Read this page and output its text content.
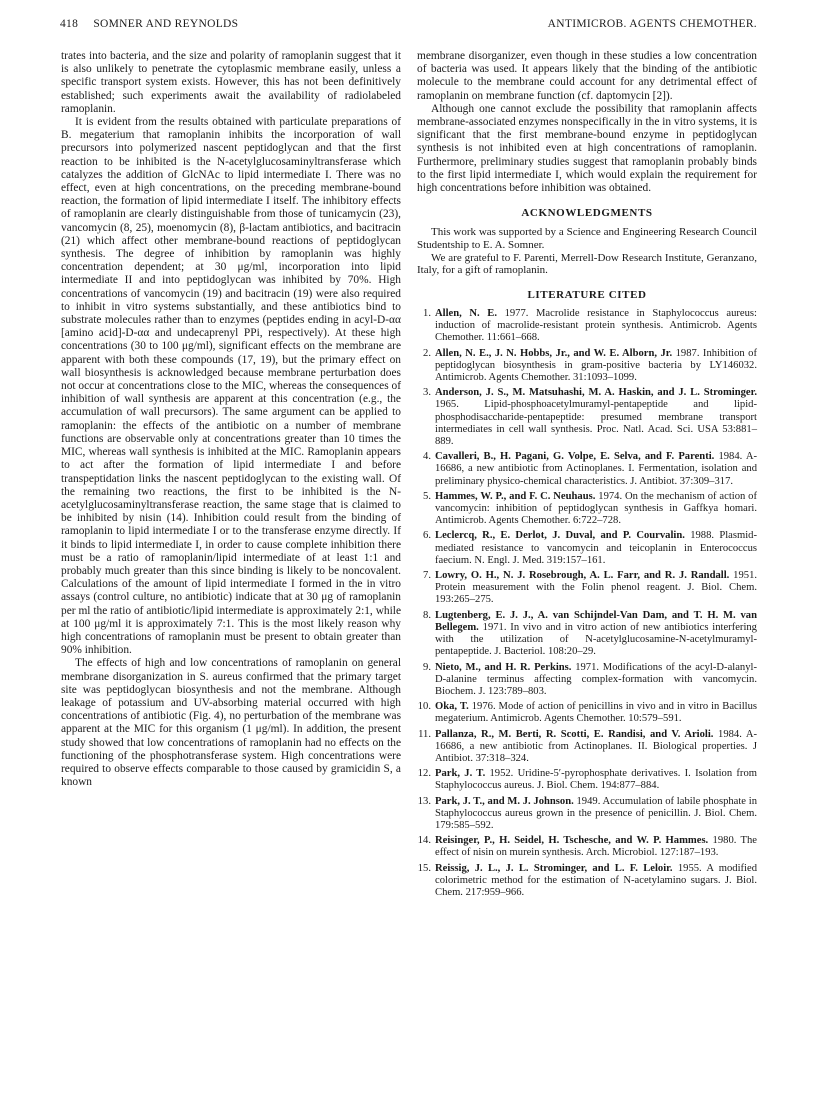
418 SOMNER AND REYNOLDS	ANTIMICROB. AGENTS CHEMOTHER.

trates into bacteria, and the size and polarity of ramoplanin suggest that it is also unlikely to penetrate the cytoplasmic membrane easily, unless a specific transport system exists. However, this has not been definitively established; such experiments await the availability of radiolabeled ramoplanin.

It is evident from the results obtained with particulate preparations of B. megaterium that ramoplanin inhibits the incorporation of wall precursors into polymerized nascent peptidoglycan and that the first reaction to be inhibited is the N-acetylglucosaminyltransferase which catalyzes the addition of GlcNAc to lipid intermediate I. There was no effect, even at high concentrations, on the preceding membrane-bound reaction, the formation of lipid intermediate I itself. The inhibitory effects of ramoplanin are clearly distinguishable from those of tunicamycin (23), vancomycin (8, 25), moenomycin (8), β-lactam antibiotics, and bacitracin (21) which affect other membrane-bound reactions of peptidoglycan synthesis. The degree of inhibition by ramoplanin was highly concentration dependent; at 30 μg/ml, incorporation into lipid intermediate II and into peptidoglycan was inhibited by 70%. High concentrations of vancomycin (19) and bacitracin (19) were also required to inhibit in vitro systems substantially, and these antibiotics bind to substrate molecules rather than to enzymes (peptides ending in acyl-D-αα [amino acid]-D-αα and undecaprenyl PPi, respectively). At these high concentrations (30 to 100 μg/ml), significant effects on the membrane are apparent with both these compounds (17, 19), but the primary effect on wall biosynthesis is acknowledged because membrane perturbation does not occur at concentrations close to the MIC, whereas the consequences of inhibition of wall synthesis are apparent at this concentration (e.g., the accumulation of wall precursors). The same argument can be applied to ramoplanin: the effects of the antibiotic on a number of membrane functions are observable only at concentrations greater than 10 times the MIC, whereas wall synthesis is inhibited at the MIC. Ramoplanin appears to act after the formation of lipid intermediate I and before transpeptidation links the nascent peptidoglycan to the existing wall. Of the remaining two reactions, the first to be inhibited is the N-acetylglucosaminyltransferase reaction, the same stage that is claimed to be inhibited by nisin (14). Inhibition could result from the binding of ramoplanin to lipid intermediate I or to the transferase enzyme directly. If it binds to lipid intermediate I, in order to cause complete inhibition there must be a ratio of ramoplanin/lipid intermediate of at least 1:1 and probably much greater than this since binding is likely to be noncovalent. Calculations of the amount of lipid intermediate I formed in the in vitro assays (control culture, no antibiotic) indicate that at 30 μg of ramoplanin per ml the ratio of antibiotic/lipid intermediate is approximately 2:1, while at 100 μg/ml it is approximately 7:1. This is the most likely reason why high concentrations of ramoplanin must be present to obtain greater than 90% inhibition.

The effects of high and low concentrations of ramoplanin on general membrane disorganization in S. aureus confirmed that the primary target site was peptidoglycan biosynthesis and not the membrane. Although leakage of potassium and UV-absorbing material occurred with high concentrations of antibiotic (Fig. 4), no perturbation of the membrane was apparent at the MIC for this organism (1 μg/ml). In addition, the present study showed that low concentrations of ramoplanin had no effects on the functioning of the phosphotransferase system. High concentrations were required to observe effects comparable to those caused by gramicidin S, a known

membrane disorganizer, even though in these studies a low concentration of bacteria was used. It appears likely that the binding of the antibiotic molecule to the membrane could account for any detrimental effect of ramoplanin on membrane function (cf. daptomycin [2]).

Although one cannot exclude the possibility that ramoplanin affects membrane-associated enzymes nonspecifically in the in vitro systems, it is significant that the first membrane-bound enzyme in peptidoglycan synthesis is not inhibited even at high concentrations of ramoplanin. Furthermore, preliminary studies suggest that ramoplanin probably binds to the first lipid intermediate I, which would explain the requirement for high concentrations before inhibition was obtained.

ACKNOWLEDGMENTS

This work was supported by a Science and Engineering Research Council Studentship to E. A. Somner.

We are grateful to F. Parenti, Merrell-Dow Research Institute, Geranzano, Italy, for a gift of ramoplanin.

LITERATURE CITED
1. Allen, N. E. 1977. Macrolide resistance in Staphylococcus aureus: induction of macrolide-resistant protein synthesis. Antimicrob. Agents Chemother. 11:661–668.
2. Allen, N. E., J. N. Hobbs, Jr., and W. E. Alborn, Jr. 1987. Inhibition of peptidoglycan biosynthesis in gram-positive bacteria by LY146032. Antimicrob. Agents Chemother. 31:1093–1099.
3. Anderson, J. S., M. Matsuhashi, M. A. Haskin, and J. L. Strominger. 1965. Lipid-phosphoacetylmuramyl-pentapeptide and lipid-phosphodisaccharide-pentapeptide: presumed membrane transport intermediates in cell wall synthesis. Proc. Natl. Acad. Sci. USA 53:881–889.
4. Cavalleri, B., H. Pagani, G. Volpe, E. Selva, and F. Parenti. 1984. A-16686, a new antibiotic from Actinoplanes. I. Fermentation, isolation and preliminary physico-chemical characteristics. J. Antibiot. 37:309–317.
5. Hammes, W. P., and F. C. Neuhaus. 1974. On the mechanism of action of vancomycin: inhibition of peptidoglycan synthesis in Gaffkya homari. Antimicrob. Agents Chemother. 6:722–728.
6. Leclercq, R., E. Derlot, J. Duval, and P. Courvalin. 1988. Plasmid-mediated resistance to vancomycin and teicoplanin in Enterococcus faecium. N. Engl. J. Med. 319:157–161.
7. Lowry, O. H., N. J. Rosebrough, A. L. Farr, and R. J. Randall. 1951. Protein measurement with the Folin phenol reagent. J. Biol. Chem. 193:265–275.
8. Lugtenberg, E. J. J., A. van Schijndel-Van Dam, and T. H. M. van Bellegem. 1971. In vivo and in vitro action of new antibiotics interfering with the utilization of N-acetylglucosamine-N-acetylmuramyl-pentapeptide. J. Bacteriol. 108:20–29.
9. Nieto, M., and H. R. Perkins. 1971. Modifications of the acyl-D-alanyl-D-alanine terminus affecting complex-formation with vancomycin. Biochem. J. 123:789–803.
10. Oka, T. 1976. Mode of action of penicillins in vivo and in vitro in Bacillus megaterium. Antimicrob. Agents Chemother. 10:579–591.
11. Pallanza, R., M. Berti, R. Scotti, E. Randisi, and V. Arioli. 1984. A-16686, a new antibiotic from Actinoplanes. II. Biological properties. J Antibiot. 37:318–324.
12. Park, J. T. 1952. Uridine-5′-pyrophosphate derivatives. I. Isolation from Staphylococcus aureus. J. Biol. Chem. 194:877–884.
13. Park, J. T., and M. J. Johnson. 1949. Accumulation of labile phosphate in Staphylococcus aureus grown in the presence of penicillin. J. Biol. Chem. 179:585–592.
14. Reisinger, P., H. Seidel, H. Tschesche, and W. P. Hammes. 1980. The effect of nisin on murein synthesis. Arch. Microbiol. 127:187–193.
15. Reissig, J. L., J. L. Strominger, and L. F. Leloir. 1955. A modified colorimetric method for the estimation of N-acetylamino sugars. J. Biol. Chem. 217:959–966.
